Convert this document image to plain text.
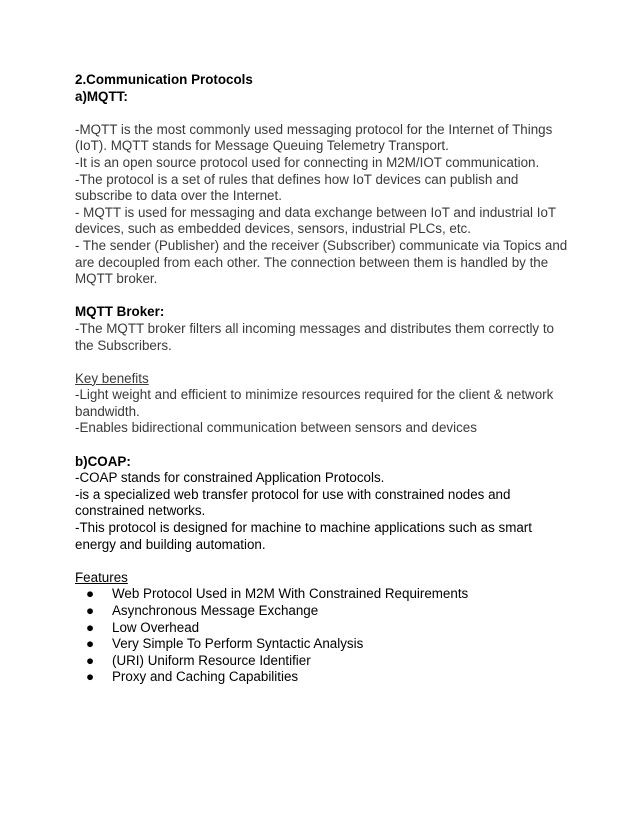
2.Communication Protocols
a)MQTT:

-MQTT is the most commonly used messaging protocol for the Internet of Things (IoT). MQTT stands for Message Queuing Telemetry Transport.

-It is an open source protocol used for connecting in M2M/IOT communication.

-The protocol is a set of rules that defines how IoT devices can publish and subscribe to data over the Internet.

- MQTT is used for messaging and data exchange between IoT and industrial IoT devices, such as embedded devices, sensors, industrial PLCs, etc.

- The sender (Publisher) and the receiver (Subscriber) communicate via Topics and are decoupled from each other. The connection between them is handled by the MQTT broker.

MQTT Broker:

-The MQTT broker filters all incoming messages and distributes them correctly to the Subscribers.

Key benefits

-Light weight and efficient to minimize resources required for the client & network bandwidth.

-Enables bidirectional communication between sensors and devices

b)COAP:

-COAP stands for constrained Application Protocols.

-is a specialized web transfer protocol for use with constrained nodes and constrained networks.

-This protocol is designed for machine to machine applications such as smart energy and building automation.

Features
●	Web Protocol Used in M2M With Constrained Requirements
●	Asynchronous Message Exchange
●	Low Overhead
●	Very Simple To Perform Syntactic Analysis
●	(URI) Uniform Resource Identifier
●	Proxy and Caching Capabilities
